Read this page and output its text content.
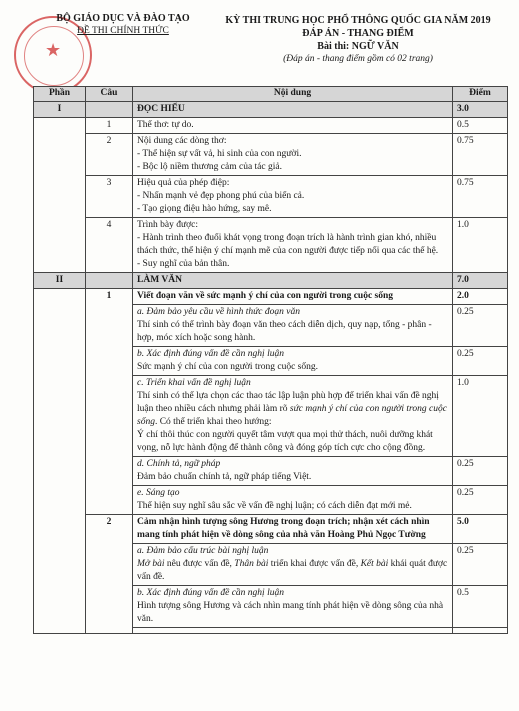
★
BỘ GIÁO DỤC VÀ ĐÀO TẠO
ĐỀ THI CHÍNH THỨC
KỲ THI TRUNG HỌC PHỔ THÔNG QUỐC GIA NĂM 2019
ĐÁP ÁN - THANG ĐIỂM
Bài thi: NGỮ VĂN
(Đáp án - thang điểm gồm có 02 trang)
Phần	Câu	Nội dung	Điểm
I		ĐỌC HIỂU	3.0
	1	Thể thơ: tự do.	0.5
	2	Nội dung các dòng thơ:
- Thể hiện sự vất vả, hi sinh của con người.
- Bộc lộ niềm thương cảm của tác giả.	0.75
	3	Hiệu quả của phép điệp:
- Nhấn mạnh vẻ đẹp phong phú của biển cả.
- Tạo giọng điệu hào hứng, say mê.	0.75
	4	Trình bày được:
- Hành trình theo đuổi khát vọng trong đoạn trích là hành trình gian khó, nhiều thách thức, thể hiện ý chí mạnh mẽ của con người được tiếp nối qua các thế hệ.
- Suy nghĩ của bản thân.	1.0
II		LÀM VĂN	7.0
	1	Viết đoạn văn về sức mạnh ý chí của con người trong cuộc sống	2.0

		a. Đảm bảo yêu cầu về hình thức đoạn văn
Thí sinh có thể trình bày đoạn văn theo cách diễn dịch, quy nạp, tổng - phân - hợp, móc xích hoặc song hành.	0.25

		b. Xác định đúng vấn đề cần nghị luận
Sức mạnh ý chí của con người trong cuộc sống.	0.25

		c. Triển khai vấn đề nghị luận
Thí sinh có thể lựa chọn các thao tác lập luận phù hợp để triển khai vấn đề nghị luận theo nhiều cách nhưng phải làm rõ sức mạnh ý chí của con người trong cuộc sống. Có thể triển khai theo hướng:
Ý chí thôi thúc con người quyết tâm vượt qua mọi thử thách, nuôi dưỡng khát vọng, nỗ lực hành động để thành công và đóng góp tích cực cho cộng đồng.	1.0

		d. Chính tả, ngữ pháp
Đảm bảo chuẩn chính tả, ngữ pháp tiếng Việt.	0.25

		e. Sáng tạo
Thể hiện suy nghĩ sâu sắc về vấn đề nghị luận; có cách diễn đạt mới mẻ.	0.25
	2	Cảm nhận hình tượng sông Hương trong đoạn trích; nhận xét cách nhìn mang tính phát hiện về dòng sông của nhà văn Hoàng Phủ Ngọc Tường	5.0

		a. Đảm bảo cấu trúc bài nghị luận
Mở bài nêu được vấn đề, Thân bài triển khai được vấn đề, Kết bài khái quát được vấn đề.	0.25

		b. Xác định đúng vấn đề cần nghị luận
Hình tượng sông Hương và cách nhìn mang tính phát hiện về dòng sông của nhà văn.	0.5
